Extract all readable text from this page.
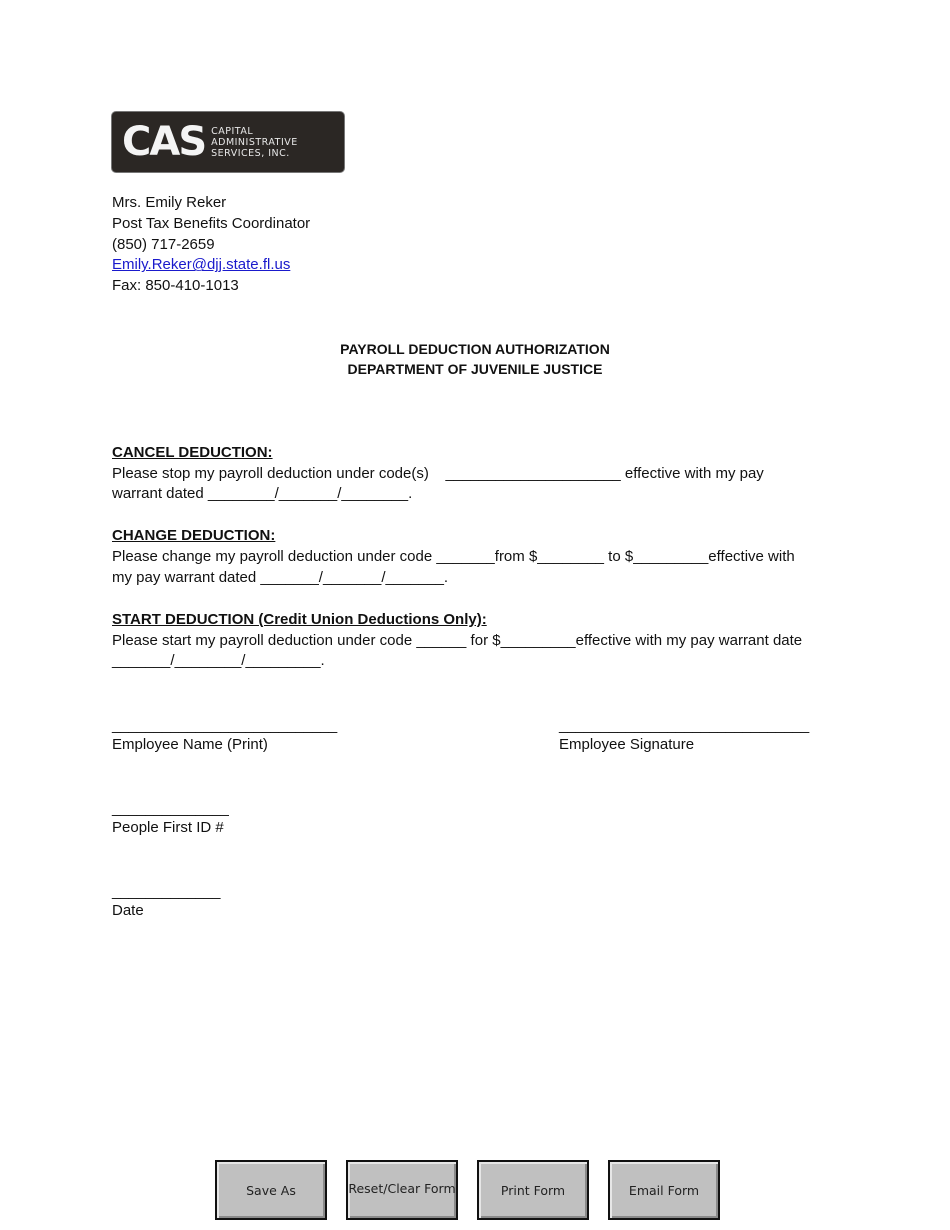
CAS CAPITAL
ADMINISTRATIVE
SERVICES, INC.
Mrs. Emily Reker
Post Tax Benefits Coordinator
(850) 717-2659
Emily.Reker@djj.state.fl.us
Fax: 850-410-1013
PAYROLL DEDUCTION AUTHORIZATION
DEPARTMENT OF JUVENILE JUSTICE
CANCEL DEDUCTION:
Please stop my payroll deduction under code(s)    _____________________ effective with my pay
warrant dated ________/_______/________.
CHANGE DEDUCTION:
Please change my payroll deduction under code _______from $________ to $_________effective with
my pay warrant dated _______/_______/_______.
START DEDUCTION (Credit Union Deductions Only):
Please start my payroll deduction under code ______ for $_________effective with my pay warrant date
_______/________/_________.
___________________________
Employee Name (Print)
______________________________
Employee Signature
______________
People First ID #
_____________
Date
Save As	Reset/Clear Form	Print Form	Email Form
